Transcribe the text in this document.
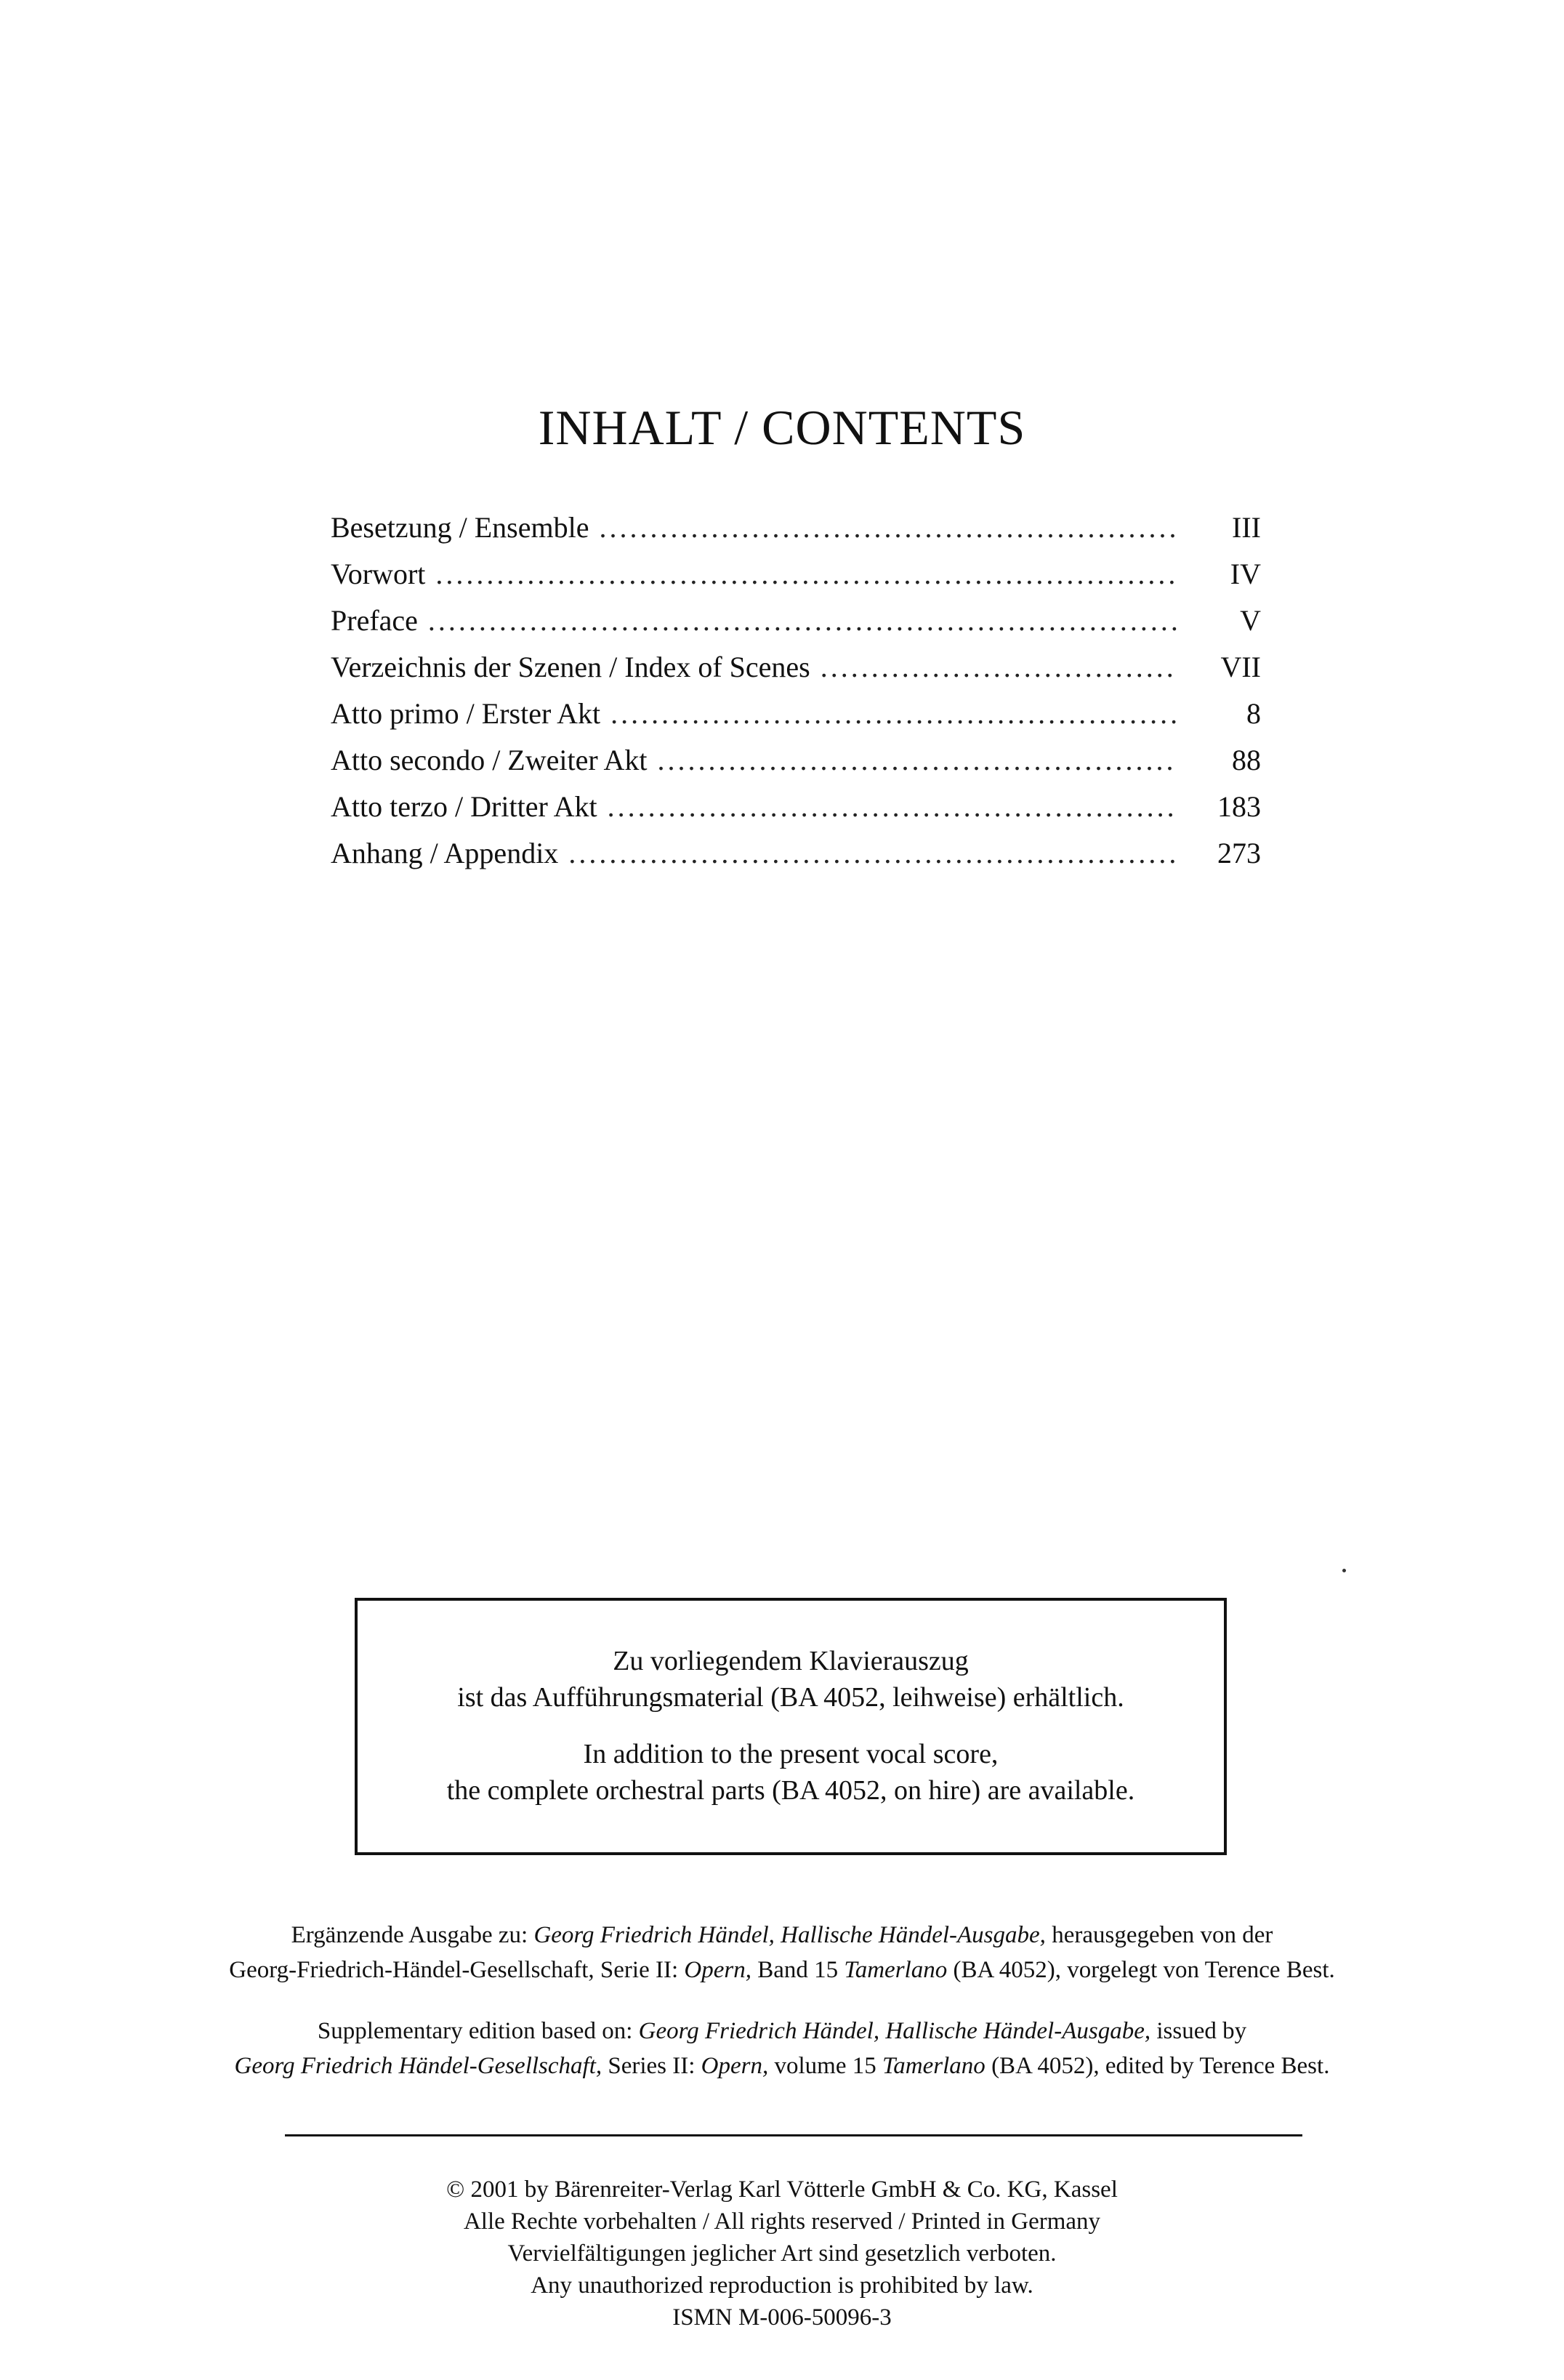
INHALT / CONTENTS
Besetzung / Ensemble . . .	III
Vorwort . . .	IV
Preface . . .	V
Verzeichnis der Szenen / Index of Scenes . . .	VII
Atto primo / Erster Akt . . .	8
Atto secondo / Zweiter Akt . . .	88
Atto terzo / Dritter Akt . . .	183
Anhang / Appendix . . .	273
Zu vorliegendem Klavierauszug
ist das Aufführungsmaterial (BA 4052, leihweise) erhältlich.
In addition to the present vocal score,
the complete orchestral parts (BA 4052, on hire) are available.
Ergänzende Ausgabe zu: Georg Friedrich Händel, Hallische Händel-Ausgabe, herausgegeben von der
Georg-Friedrich-Händel-Gesellschaft, Serie II: Opern, Band 15 Tamerlano (BA 4052), vorgelegt von Terence Best.
Supplementary edition based on: Georg Friedrich Händel, Hallische Händel-Ausgabe, issued by
Georg Friedrich Händel-Gesellschaft, Series II: Opern, volume 15 Tamerlano (BA 4052), edited by Terence Best.
© 2001 by Bärenreiter-Verlag Karl Vötterle GmbH & Co. KG, Kassel
Alle Rechte vorbehalten / All rights reserved / Printed in Germany
Vervielfältigungen jeglicher Art sind gesetzlich verboten.
Any unauthorized reproduction is prohibited by law.
ISMN M-006-50096-3
